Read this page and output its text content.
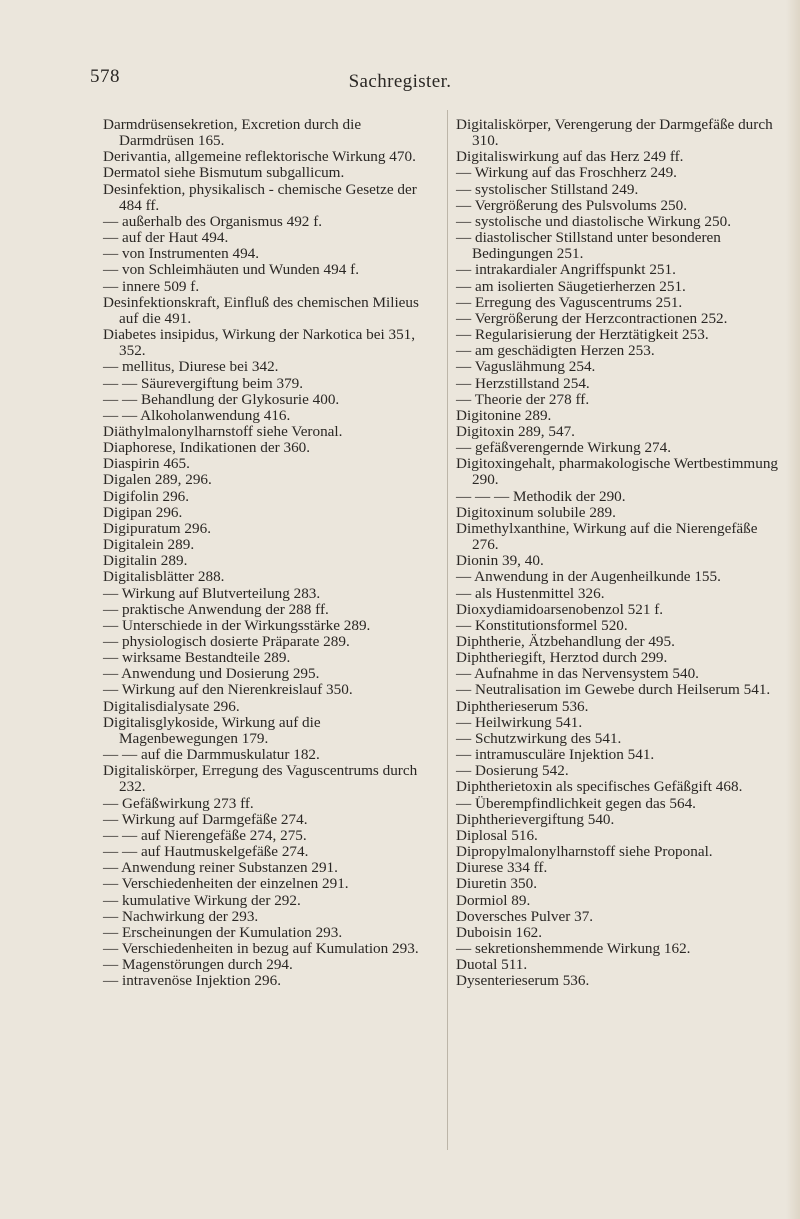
578	Sachregister.
Darmdrüsensekretion, Excretion durch die Darmdrüsen 165.
Derivantia, allgemeine reflektorische Wirkung 470.
Dermatol siehe Bismutum subgallicum.
Desinfektion, physikalisch - chemische Gesetze der 484 ff.
— außerhalb des Organismus 492 f.
— auf der Haut 494.
— von Instrumenten 494.
— von Schleimhäuten und Wunden 494 f.
— innere 509 f.
Desinfektionskraft, Einfluß des chemischen Milieus auf die 491.
Diabetes insipidus, Wirkung der Narkotica bei 351, 352.
— mellitus, Diurese bei 342.
— — Säurevergiftung beim 379.
— — Behandlung der Glykosurie 400.
— — Alkoholanwendung 416.
Diäthylmalonylharnstoff siehe Veronal.
Diaphorese, Indikationen der 360.
Diaspirin 465.
Digalen 289, 296.
Digifolin 296.
Digipan 296.
Digipuratum 296.
Digitalein 289.
Digitalin 289.
Digitalisblätter 288.
— Wirkung auf Blutverteilung 283.
— praktische Anwendung der 288 ff.
— Unterschiede in der Wirkungsstärke 289.
— physiologisch dosierte Präparate 289.
— wirksame Bestandteile 289.
— Anwendung und Dosierung 295.
— Wirkung auf den Nierenkreislauf 350.
Digitalisdialysate 296.
Digitalisglykoside, Wirkung auf die Magenbewegungen 179.
— — auf die Darmmuskulatur 182.
Digitaliskörper, Erregung des Vaguscentrums durch 232.
— Gefäßwirkung 273 ff.
— Wirkung auf Darmgefäße 274.
— — auf Nierengefäße 274, 275.
— — auf Hautmuskelgefäße 274.
— Anwendung reiner Substanzen 291.
— Verschiedenheiten der einzelnen 291.
— kumulative Wirkung der 292.
— Nachwirkung der 293.
— Erscheinungen der Kumulation 293.
— Verschiedenheiten in bezug auf Kumulation 293.
— Magenstörungen durch 294.
— intravenöse Injektion 296.
Digitaliskörper, Verengerung der Darmgefäße durch 310.
Digitaliswirkung auf das Herz 249 ff.
— Wirkung auf das Froschherz 249.
— systolischer Stillstand 249.
— Vergrößerung des Pulsvolums 250.
— systolische und diastolische Wirkung 250.
— diastolischer Stillstand unter besonderen Bedingungen 251.
— intrakardialer Angriffspunkt 251.
— am isolierten Säugetierherzen 251.
— Erregung des Vaguscentrums 251.
— Vergrößerung der Herzcontractionen 252.
— Regularisierung der Herztätigkeit 253.
— am geschädigten Herzen 253.
— Vaguslähmung 254.
— Herzstillstand 254.
— Theorie der 278 ff.
Digitonine 289.
Digitoxin 289, 547.
— gefäßverengernde Wirkung 274.
Digitoxingehalt, pharmakologische Wertbestimmung 290.
— — — Methodik der 290.
Digitoxinum solubile 289.
Dimethylxanthine, Wirkung auf die Nierengefäße 276.
Dionin 39, 40.
— Anwendung in der Augenheilkunde 155.
— als Hustenmittel 326.
Dioxydiamidoarsenobenzol 521 f.
— Konstitutionsformel 520.
Diphtherie, Ätzbehandlung der 495.
Diphtheriegift, Herztod durch 299.
— Aufnahme in das Nervensystem 540.
— Neutralisation im Gewebe durch Heilserum 541.
Diphtherieserum 536.
— Heilwirkung 541.
— Schutzwirkung des 541.
— intramusculäre Injektion 541.
— Dosierung 542.
Diphtherietoxin als specifisches Gefäßgift 468.
— Überempfindlichkeit gegen das 564.
Diphtherievergiftung 540.
Diplosal 516.
Dipropylmalonylharnstoff siehe Proponal.
Diurese 334 ff.
Diuretin 350.
Dormiol 89.
Doversches Pulver 37.
Duboisin 162.
— sekretionshemmende Wirkung 162.
Duotal 511.
Dysenterieserum 536.
